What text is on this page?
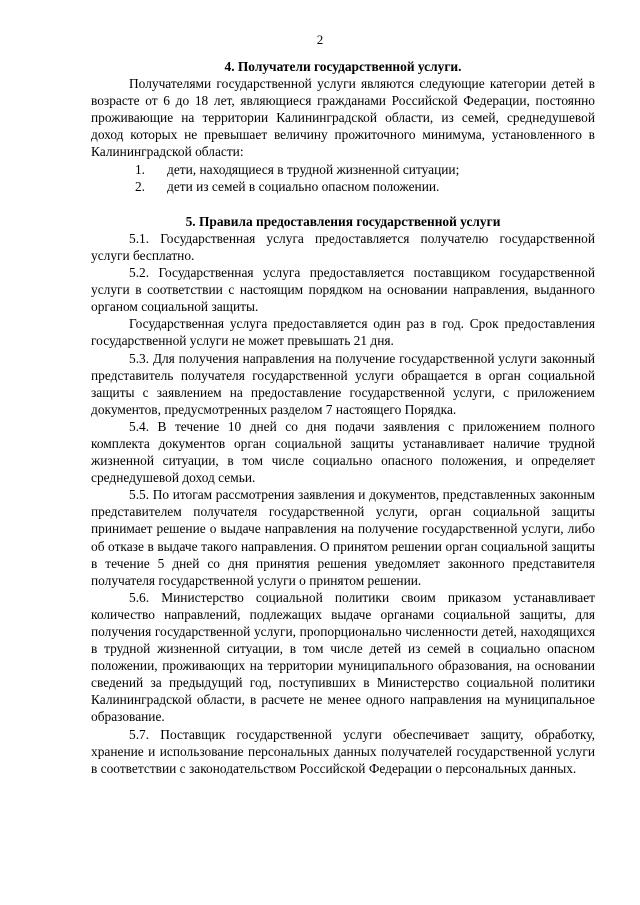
2

4. Получатели государственной услуги.

Получателями государственной услуги являются следующие категории детей в возрасте от 6 до 18 лет, являющиеся гражданами Российской Федерации, постоянно проживающие на территории Калининградской области, из семей, среднедушевой доход которых не превышает величину прожиточного минимума, установленного в Калининградской области:

1.	дети, находящиеся в трудной жизненной ситуации;
2.	дети из семей в социально опасном положении.

5. Правила предоставления государственной услуги

5.1. Государственная услуга предоставляется получателю государственной услуги бесплатно.

5.2. Государственная услуга предоставляется поставщиком государственной услуги в соответствии с настоящим порядком на основании направления, выданного органом социальной защиты.

Государственная услуга предоставляется один раз в год. Срок предоставления государственной услуги не может превышать 21 дня.

5.3. Для получения направления на получение государственной услуги законный представитель получателя государственной услуги обращается в орган социальной защиты с заявлением на предоставление государственной услуги, с приложением документов, предусмотренных разделом 7 настоящего Порядка.

5.4. В течение 10 дней со дня подачи заявления с приложением полного комплекта документов орган социальной защиты устанавливает наличие трудной жизненной ситуации, в том числе социально опасного положения, и определяет среднедушевой доход семьи.

5.5. По итогам рассмотрения заявления и документов, представленных законным представителем получателя государственной услуги, орган социальной защиты принимает решение о выдаче направления на получение государственной услуги, либо об отказе в выдаче такого направления. О принятом решении орган социальной защиты в течение 5 дней со дня принятия решения уведомляет законного представителя получателя государственной услуги о принятом решении.

5.6. Министерство социальной политики своим приказом устанавливает количество направлений, подлежащих выдаче органами социальной защиты, для получения государственной услуги, пропорционально численности детей, находящихся в трудной жизненной ситуации, в том числе детей из семей в социально опасном положении, проживающих на территории муниципального образования, на основании сведений за предыдущий год, поступивших в Министерство социальной политики Калининградской области, в расчете не менее одного направления на муниципальное образование.

5.7. Поставщик государственной услуги обеспечивает защиту, обработку, хранение и использование персональных данных получателей государственной услуги в соответствии с законодательством Российской Федерации о персональных данных.
